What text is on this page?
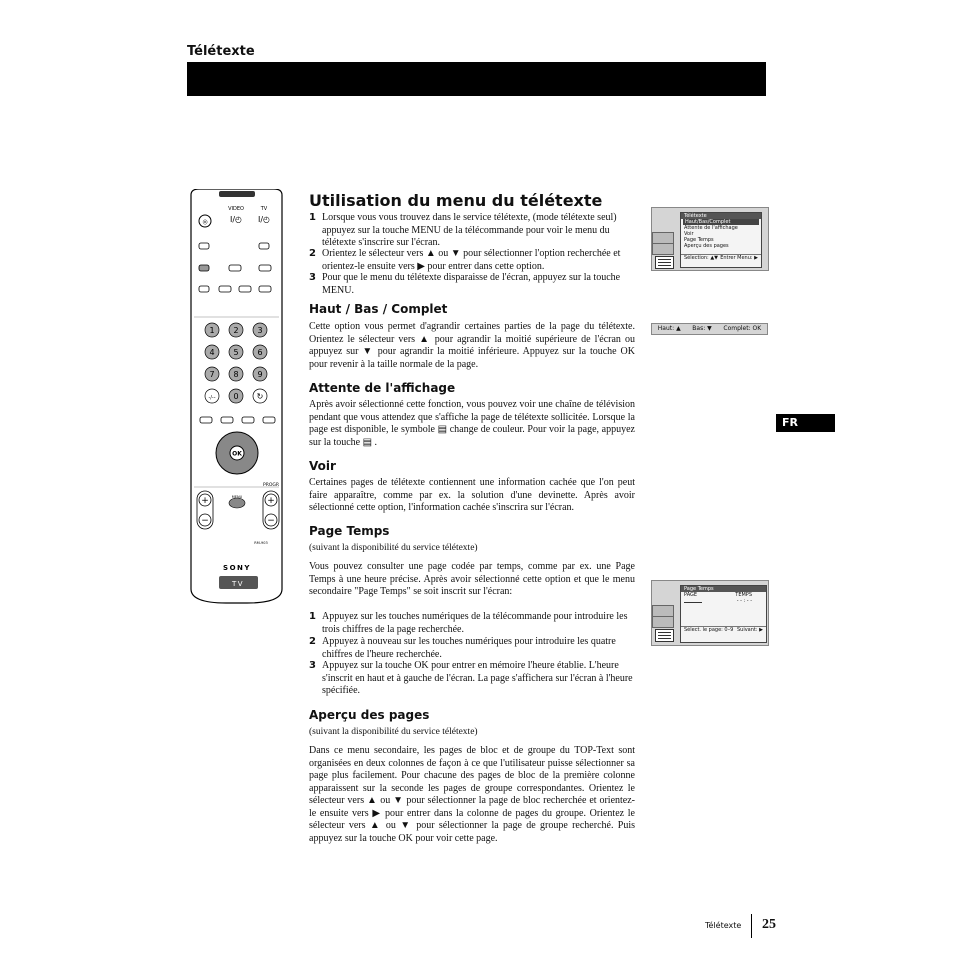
Télétexte
◎
VIDEO	TV
I/◴ I/◴
1 2 3
4 5 6
7 8 9
-/-- 0 ↻
OK
PROGR
+
−
+
−
MENU
RM-903
SONY
TV
Utilisation du menu du télétexte
1 Lorsque vous vous trouvez dans le service télétexte, (mode télétexte seul) appuyez sur la touche MENU de la télécommande pour voir le menu du télétexte s'inscrire sur l'écran.
2 Orientez le sélecteur vers ▲ ou ▼ pour sélectionner l'option recherchée et orientez-le ensuite vers ▶ pour entrer dans cette option.
3 Pour que le menu du télétexte disparaisse de l'écran, appuyez sur la touche MENU.
Haut / Bas / Complet
Cette option vous permet d'agrandir certaines parties de la page du télétexte. Orientez le sélecteur vers ▲ pour agrandir la moitié supérieure de l'écran ou appuyez sur ▼ pour agrandir la moitié inférieure. Appuyez sur la touche OK pour revenir à la taille normale de la page.
Attente de l'affichage
Après avoir sélectionné cette fonction, vous pouvez voir une chaîne de télévision pendant que vous attendez que s'affiche la page de télétexte sollicitée. Lorsque la page est disponible, le symbole ▤ change de couleur. Pour voir la page, appuyez sur la touche ▤ .
Voir
Certaines pages de télétexte contiennent une information cachée que l'on peut faire apparaître, comme par ex. la solution d'une devinette. Après avoir sélectionné cette option, l'information cachée s'inscrira sur l'écran.
Page Temps
(suivant la disponibilité du service télétexte)
Vous pouvez consulter une page codée par temps, comme par ex. une Page Temps à une heure précise. Après avoir sélectionné cette option et que le menu secondaire "Page Temps" se soit inscrit sur l'écran:
1 Appuyez sur les touches numériques de la télécommande pour introduire les trois chiffres de la page recherchée.
2 Appuyez à nouveau sur les touches numériques pour introduire les quatre chiffres de l'heure recherchée.
3 Appuyez sur la touche OK pour entrer en mémoire l'heure établie. L'heure s'inscrit en haut et à gauche de l'écran. La page s'affichera sur l'écran à l'heure spécifiée.
Aperçu des pages
(suivant la disponibilité du service télétexte)
Dans ce menu secondaire, les pages de bloc et de groupe du TOP-Text sont organisées en deux colonnes de façon à ce que l'utilisateur puisse sélectionner sa page plus facilement. Pour chacune des pages de bloc de la première colonne apparaissent sur la seconde les pages de groupe correspondantes. Orientez le sélecteur vers ▲ ou ▼ pour sélectionner la page de bloc recherchée et orientez-le ensuite vers ▶ pour entrer dans la colonne de pages du groupe. Orientez le sélecteur vers ▲ ou ▼ pour sélectionner la page de groupe recherché. Puis appuyez sur la touche OK pour voir cette page.
FR
Télétexte
Haut/Bas/Complet
Attente de l'affichage
Voir
Page Temps
Aperçu des pages
Sélection: ▲▼ Entrer Menu: ▶
Haut: ▲ Bas: ▼ Complet: OK
Page Temps
PAGE	TEMPS
- - : - -
Sélect. le page: 0–9 Suivant: ▶
Télétexte 25
